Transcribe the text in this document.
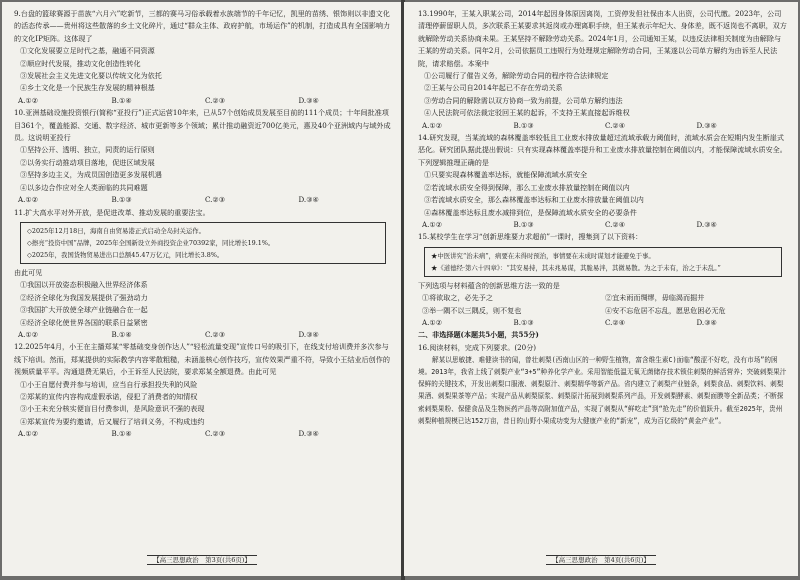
9.台盘的篮球赛源于苗族“六月六”吃新节，三都的赛马习俗承载着水族端节的千年记忆，凯里的苗绣、银饰则以非遗文化的活态传承——贵州将这些散落的乡土文化碎片，通过“群众主体、政府护航，市场运作”的机制，打造成具有全国影响力的文化IP矩阵。这体现了

①文化发展要立足时代之基，融通不同资源

②顺应时代发展，推动文化创造性转化

③发展社会主义先进文化要以传统文化为依托

④乡土文化是一个民族生存发展的精神根基

A.①②	B.①④	C.②③	D.③④

10.亚洲基础设施投资银行(简称“亚投行”)正式运营10年来，已从57个创始成员发展至目前的111个成员；十年间批准项目361个，覆盖能源、交通、数字经济、城市更新等多个领域；累计推动融资近700亿美元，惠及40个亚洲域内与域外成员。这说明亚投行

①坚持公开、透明、独立，同责的运行原则

②以务实行动推动项目落地，促进区域发展

③坚持多边主义，为成员国创造更多发展机遇

④以多边合作应对全人类面临的共同难题

A.①②	B.①③	C.②③	D.③④

11.扩大高水平对外开放，是促进改革、推动发展的重要法宝。

◇2025年12月18日，海南自由贸易港正式启动全岛封关运作。

◇擦亮“投资中国”品牌，2025年全国新设立外商投资企业70392家，同比增长19.1%。

◇2025年，我国货物贸易进出口总额45.47万亿元，同比增长3.8%。

由此可见

①我国以开放姿态积极融入世界经济体系

②经济全球化为我国发展提供了强劲动力

③我国扩大开放使全球产业链融合在一起

④经济全球化使世界各国的联系日益紧密

A.①②	B.①④	C.②③	D.③④

12.2025年4月，小王在主播郑某“零基础变身创作达人”“轻松流量变现”宣传口号的吸引下，在线支付培训费并多次参与线下培训。然而，郑某提供的实际教学内容零散粗糙，未涵盖核心创作技巧，宣传效果严重不符，导致小王结业后创作的视频质量平平。沟通退费无果后，小王诉至人民法院，要求郑某全额退费。由此可见

①小王自愿付费并参与培训，应当自行承担投失利的风险

②郑某的宣传内容构成虚假承诺，侵犯了消费者的知情权

③小王未充分核实便盲目付费参训，是风险意识不强的表现

④郑某宣传为要约邀请，后又履行了培训义务，不构成违约

A.①②	B.①④	C.②③	D.③④
【高三思想政治　第3页(共6页)】

13.1990年，王某入职某公司，2014年起因身体原因离岗，工资停发但社保由本人出资，公司代缴。2023年，公司清理停薪留职人员，多次联系王某要求其返岗或办理离职手续，但王某表示年纪大、身体差，既不返岗也不离职，双方就解除劳动关系协商未果。王某坚持不解除劳动关系。2024年1月，公司通知王某，以违反法律相关制度为由解除与王某的劳动关系。同年2月，公司依据员工违规行为处理规定解除劳动合同，王某遂以公司单方解约为由诉至人民法院，请求赔偿。本案中

①公司履行了催告义务，解除劳动合同的程序符合法律规定

②王某与公司自2014年起已不存在劳动关系

③劳动合同的解除需以双方协商一致为前提，公司单方解约违法

④人民法院可依法裁定驳回王某的起诉，不支持王某直接起诉维权

A.①②	B.①③	C.②④	D.③④

14.研究发现，当某流域的森林覆盖率较低且工业废水排放量超过流域承载力阈值时，流域水质会在短期内发生断崖式恶化。研究团队据此提出假说：只有实现森林覆盖率提升和工业废水排放量控制在阈值以内，才能保障流域水质安全。下列逻辑推理正确的是

①只要实现森林覆盖率达标，就能保障流域水质安全

②若流域水质安全得到保障，那么工业废水排放量控制在阈值以内

③若流域水质安全，那么森林覆盖率达标和工业废水排放量在阈值以内

④森林覆盖率达标且废水减排到位，是保障流域水质安全的必要条件

A.①②	B.①③	C.②④	D.③④

15.某校学生在学习“创新思维要力求超前”一课时，搜集到了以下资料：

★中医讲究“治未病”，病要在未得时预治，事情要在未成时谋划才能避免于事。

★《道德经·第六十四章》：“其安易持，其未兆易谋，其脆易泮，其微易散。为之于未有，治之于未乱。”

下列选项与材料蕴含的创新思维方法一致的是

①将欲取之，必先予之	②宜未雨而绸缪，毋临渴而掘井
③举一隅不以三隅反，则不复也	④安不忘危居不忘乱，愿思危困必无危
A.①②	B.①③	C.②④	D.③④

二、非选择题(本题共5小题，共55分)

16.阅读材料，完成下列要求。(20分)

解某以思敏捷、难健读书的闻，曾壮刺梨(西南山区的一种野生植物，富含维生素C)面临“酸涩不好吃，没有市场”的困境。2013年，我省上线了刺梨产业“3+5”种养化学产业。采用智能低温无氧无菌储存技术锁住刺梨的鲜活营养；突破刺梨果汁保鲜的关键技术，开发出刺梨口服液、刺梨原汁、刺梨精华等新产品。省内建立了刺梨产业链条，刺梨食品、刺梨饮料、刺梨果酒、刺梨果茶等产品；实现产品从刺梨原浆、刺梨原汁拓展到刺梨系列产品，开发刺梨酵素、刺梨面膜等全新品类；不断探索刺梨果粉、保健食品及生物医药产品等高附加值产品，实现了刺梨从“鲜吃走”到“抢先走”的价值跃升。截至2025年，贵州刺梨种植规模已达152万亩，昔日的山野小果成功变为大健康产业的“新宠”，成为百亿级的“黄金产业”。

【高三思想政治　第4页(共6页)】
